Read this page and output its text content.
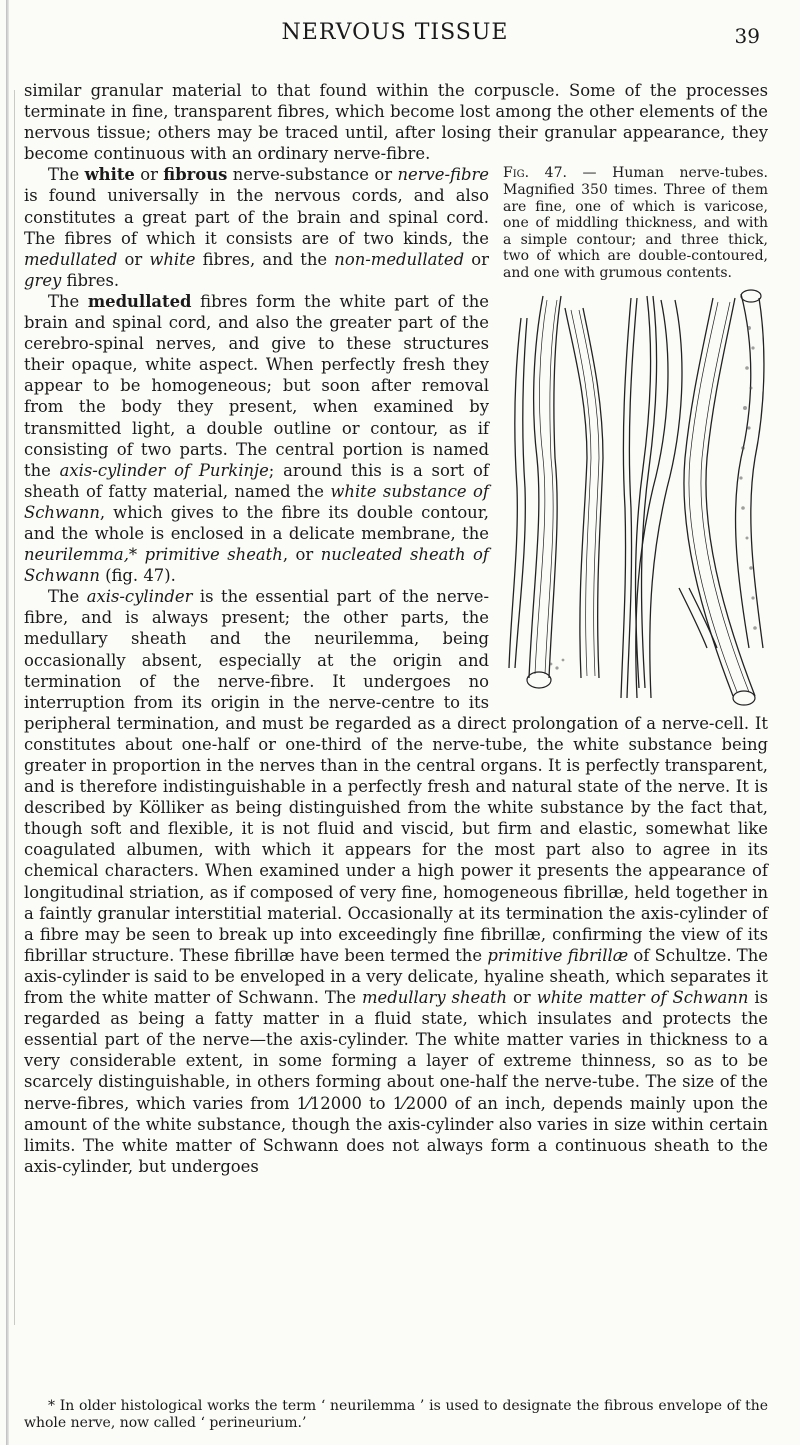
NERVOUS TISSUE	39

similar granular material to that found within the corpuscle. Some of the processes terminate in fine, transparent fibres, which become lost among the other elements of the nervous tissue; others may be traced until, after losing their granular appearance, they become continuous with an ordinary nerve-fibre.

Fig. 47. — Human nerve-tubes. Magnified 350 times. Three of them are fine, one of which is varicose, one of middling thickness, and with a simple contour; and three thick, two of which are double-contoured, and one with grumous contents.

The white or fibrous nerve-substance or nerve-fibre is found universally in the nervous cords, and also constitutes a great part of the brain and spinal cord. The fibres of which it consists are of two kinds, the medullated or white fibres, and the non-medullated or grey fibres.

The medullated fibres form the white part of the brain and spinal cord, and also the greater part of the cerebro-spinal nerves, and give to these structures their opaque, white aspect. When perfectly fresh they appear to be homogeneous; but soon after removal from the body they present, when examined by transmitted light, a double outline or contour, as if consisting of two parts. The central portion is named the axis-cylinder of Purkinje; around this is a sort of sheath of fatty material, named the white substance of Schwann, which gives to the fibre its double contour, and the whole is enclosed in a delicate membrane, the neurilemma,* primitive sheath, or nucleated sheath of Schwann (fig. 47).

The axis-cylinder is the essential part of the nerve-fibre, and is always present; the other parts, the medullary sheath and the neurilemma, being occasionally absent, especially at the origin and termination of the nerve-fibre. It undergoes no interruption from its origin in the nerve-centre to its peripheral termination, and must be regarded as a direct prolongation of a nerve-cell. It constitutes about one-half or one-third of the nerve-tube, the white substance being greater in proportion in the nerves than in the central organs. It is perfectly transparent, and is therefore indistinguishable in a perfectly fresh and natural state of the nerve. It is described by Kölliker as being distinguished from the white substance by the fact that, though soft and flexible, it is not fluid and viscid, but firm and elastic, somewhat like coagulated albumen, with which it appears for the most part also to agree in its chemical characters. When examined under a high power it presents the appearance of longitudinal striation, as if composed of very fine, homogeneous fibrillæ, held together in a faintly granular interstitial material. Occasionally at its termination the axis-cylinder of a fibre may be seen to break up into exceedingly fine fibrillæ, confirming the view of its fibrillar structure. These fibrillæ have been termed the primitive fibrillæ of Schultze. The axis-cylinder is said to be enveloped in a very delicate, hyaline sheath, which separates it from the white matter of Schwann. The medullary sheath or white matter of Schwann is regarded as being a fatty matter in a fluid state, which insulates and protects the essential part of the nerve—the axis-cylinder. The white matter varies in thickness to a very considerable extent, in some forming a layer of extreme thinness, so as to be scarcely distinguishable, in others forming about one-half the nerve-tube. The size of the nerve-fibres, which varies from 1⁄12000 to 1⁄2000 of an inch, depends mainly upon the amount of the white substance, though the axis-cylinder also varies in size within certain limits. The white matter of Schwann does not always form a continuous sheath to the axis-cylinder, but undergoes

* In older histological works the term ‘ neurilemma ’ is used to designate the fibrous envelope of the whole nerve, now called ‘ perineurium.’
